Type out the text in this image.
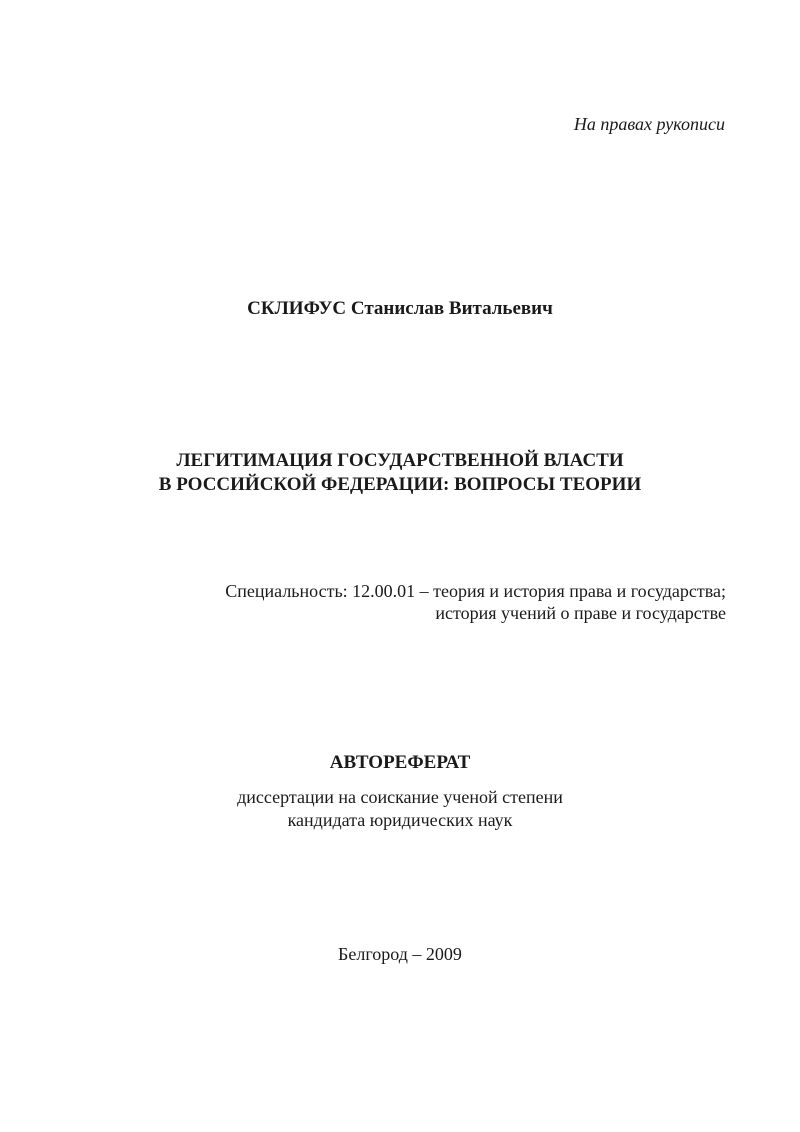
На правах рукописи
СКЛИФУС Станислав Витальевич
ЛЕГИТИМАЦИЯ ГОСУДАРСТВЕННОЙ ВЛАСТИ
В РОССИЙСКОЙ ФЕДЕРАЦИИ: ВОПРОСЫ ТЕОРИИ
Специальность: 12.00.01 – теория и история права и государства;
история учений о праве и государстве
АВТОРЕФЕРАТ
диссертации на соискание ученой степени
кандидата юридических наук
Белгород – 2009
